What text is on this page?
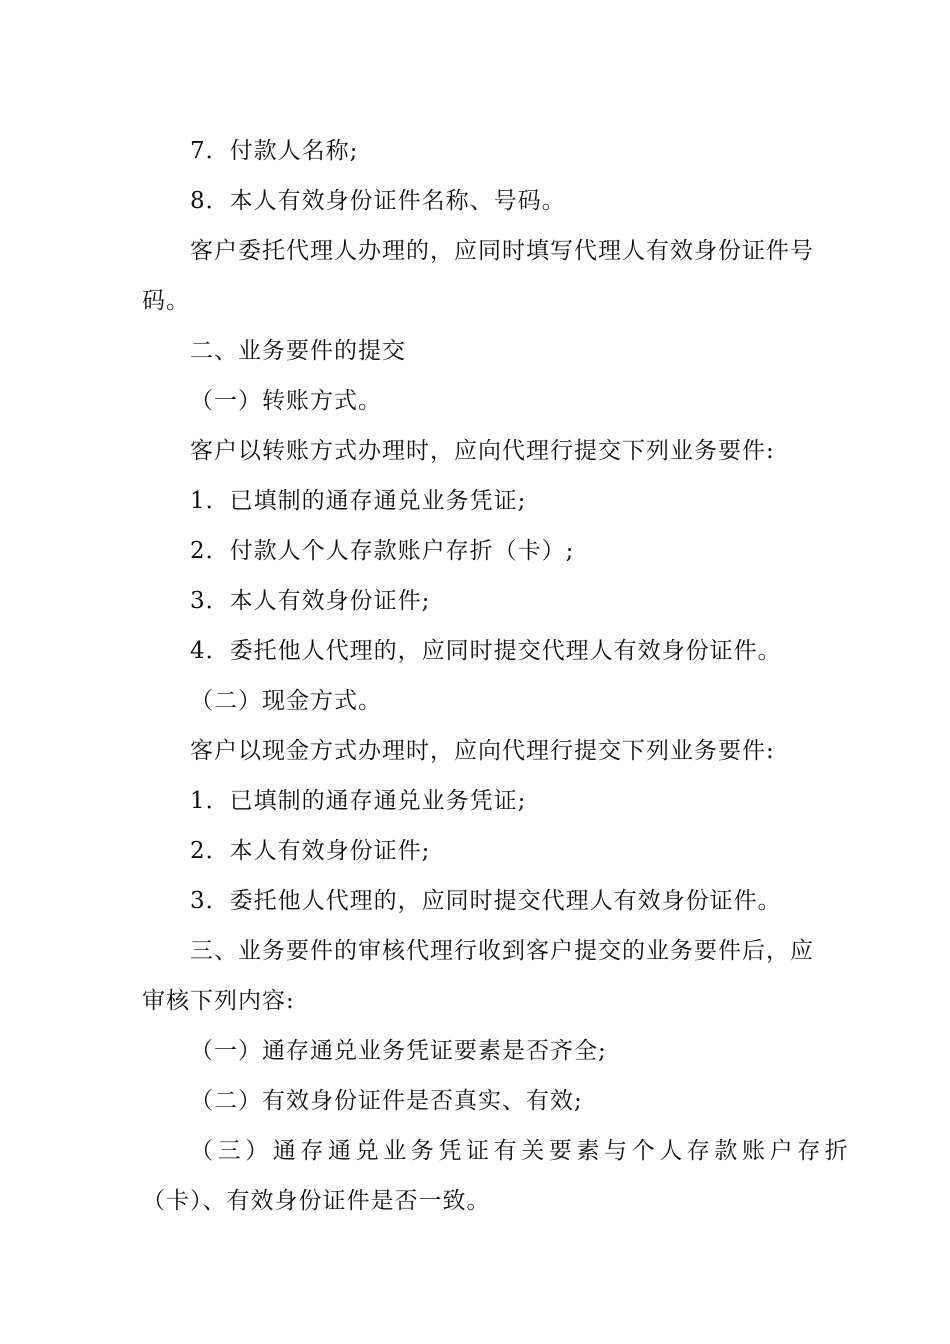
7．付款人名称;
8．本人有效身份证件名称、号码。
客户委托代理人办理的，应同时填写代理人有效身份证件号
码。
二、业务要件的提交
（一）转账方式。
客户以转账方式办理时，应向代理行提交下列业务要件:
1．已填制的通存通兑业务凭证;
2．付款人个人存款账户存折（卡）;
3．本人有效身份证件;
4．委托他人代理的，应同时提交代理人有效身份证件。
（二）现金方式。
客户以现金方式办理时，应向代理行提交下列业务要件:
1．已填制的通存通兑业务凭证;
2．本人有效身份证件;
3．委托他人代理的，应同时提交代理人有效身份证件。
三、业务要件的审核代理行收到客户提交的业务要件后，应
审核下列内容:
（一）通存通兑业务凭证要素是否齐全;
（二）有效身份证件是否真实、有效;
（三）通存通兑业务凭证有关要素与个人存款账户存折
（卡）、有效身份证件是否一致。
